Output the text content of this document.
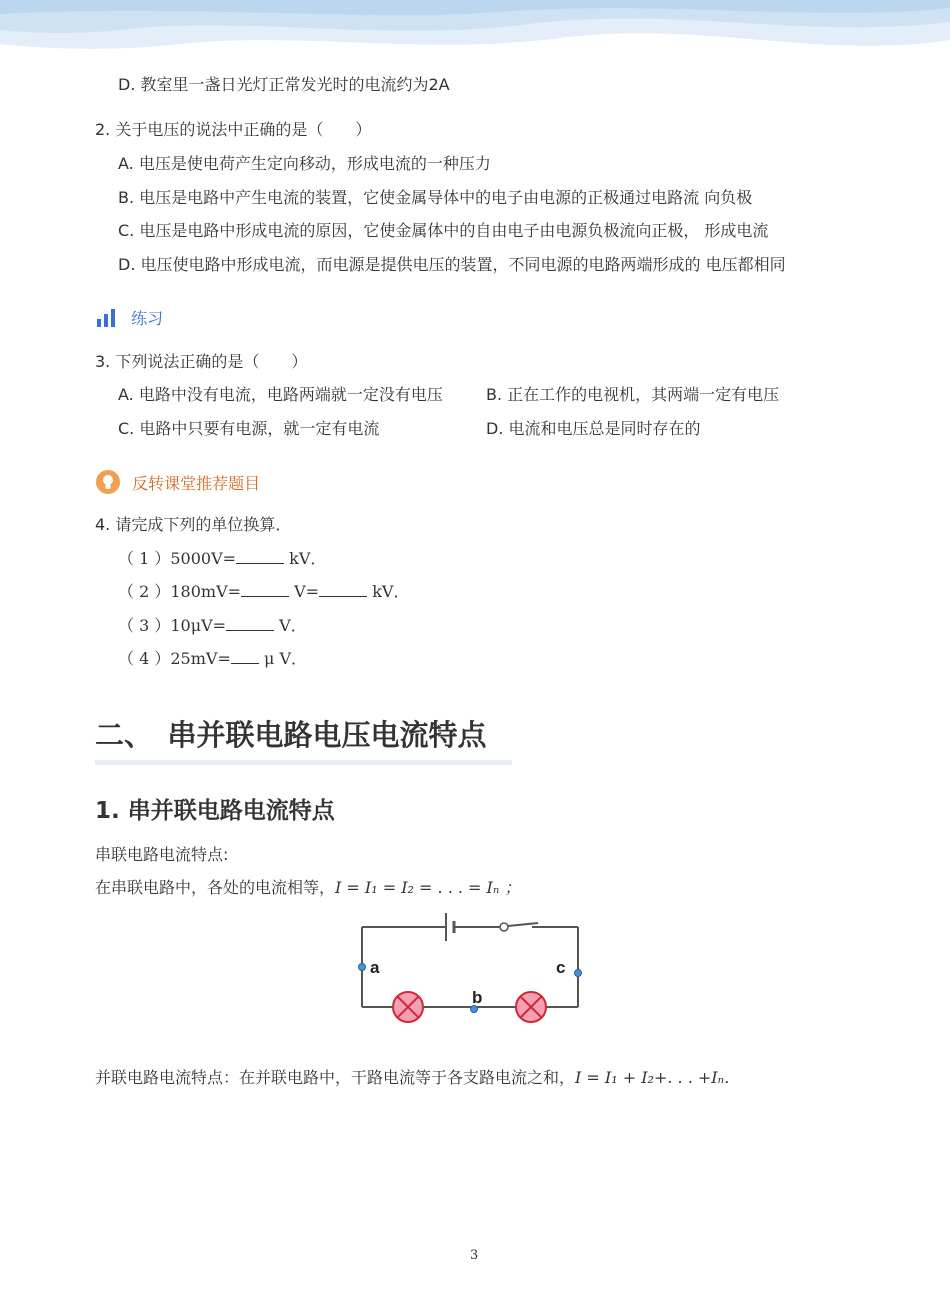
D. 教室里一盏日光灯正常发光时的电流约为2A
2. 关于电压的说法中正确的是（　　）
A. 电压是使电荷产生定向移动，形成电流的一种压力
B. 电压是电路中产生电流的装置，它使金属导体中的电子由电源的正极通过电路流 向负极
C. 电压是电路中形成电流的原因，它使金属体中的自由电子由电源负极流向正极， 形成电流
D. 电压使电路中形成电流，而电源是提供电压的装置，不同电源的电路两端形成的 电压都相同
练习
3. 下列说法正确的是（　　）
A. 电路中没有电流，电路两端就一定没有电压	B. 正在工作的电视机，其两端一定有电压
C. 电路中只要有电源，就一定有电流	D. 电流和电压总是同时存在的
反转课堂推荐题目
4. 请完成下列的单位换算．
（ 1 ）5000V=	kV．
（ 2 ）180mV=	V=	kV．
（ 3 ）10μV=	V．
（ 4 ）25mV= μ V．
二、　串并联电路电压电流特点
1. 串并联电路电流特点
串联电路电流特点:
在串联电路中，各处的电流相等，I = I₁ = I₂ = . . . = Iₙ ；
a	c
b
并联电路电流特点：在并联电路中，干路电流等于各支路电流之和，I = I₁ + I₂+. . . +Iₙ．
3
